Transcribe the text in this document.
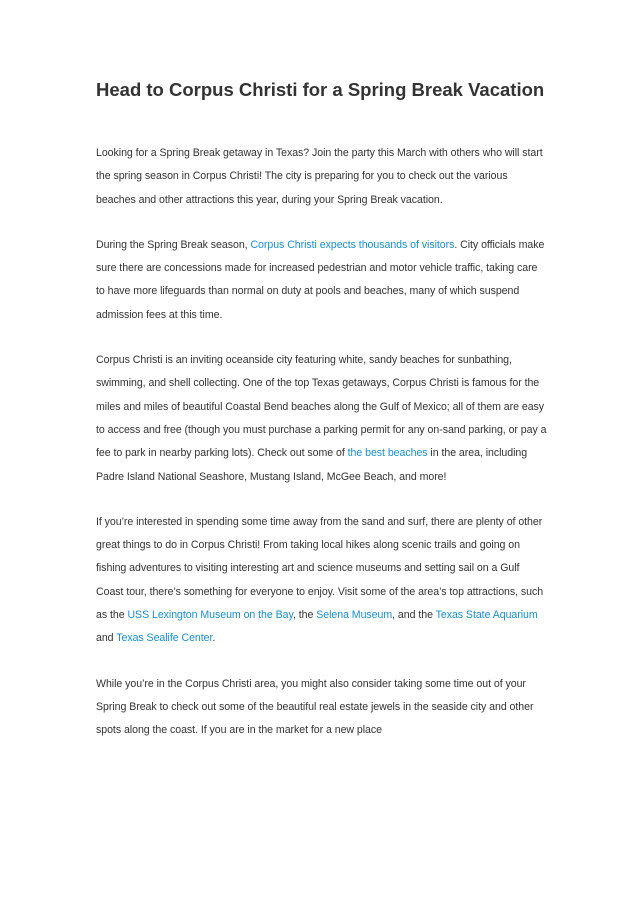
Head to Corpus Christi for a Spring Break Vacation

Looking for a Spring Break getaway in Texas? Join the party this March with others who will start the spring season in Corpus Christi! The city is preparing for you to check out the various beaches and other attractions this year, during your Spring Break vacation.

During the Spring Break season, Corpus Christi expects thousands of visitors. City officials make sure there are concessions made for increased pedestrian and motor vehicle traffic, taking care to have more lifeguards than normal on duty at pools and beaches, many of which suspend admission fees at this time.

Corpus Christi is an inviting oceanside city featuring white, sandy beaches for sunbathing, swimming, and shell collecting. One of the top Texas getaways, Corpus Christi is famous for the miles and miles of beautiful Coastal Bend beaches along the Gulf of Mexico; all of them are easy to access and free (though you must purchase a parking permit for any on-sand parking, or pay a fee to park in nearby parking lots). Check out some of the best beaches in the area, including Padre Island National Seashore, Mustang Island, McGee Beach, and more!

If you’re interested in spending some time away from the sand and surf, there are plenty of other great things to do in Corpus Christi! From taking local hikes along scenic trails and going on fishing adventures to visiting interesting art and science museums and setting sail on a Gulf Coast tour, there’s something for everyone to enjoy. Visit some of the area’s top attractions, such as the USS Lexington Museum on the Bay, the Selena Museum, and the Texas State Aquarium and Texas Sealife Center.

While you’re in the Corpus Christi area, you might also consider taking some time out of your Spring Break to check out some of the beautiful real estate jewels in the seaside city and other spots along the coast. If you are in the market for a new place
